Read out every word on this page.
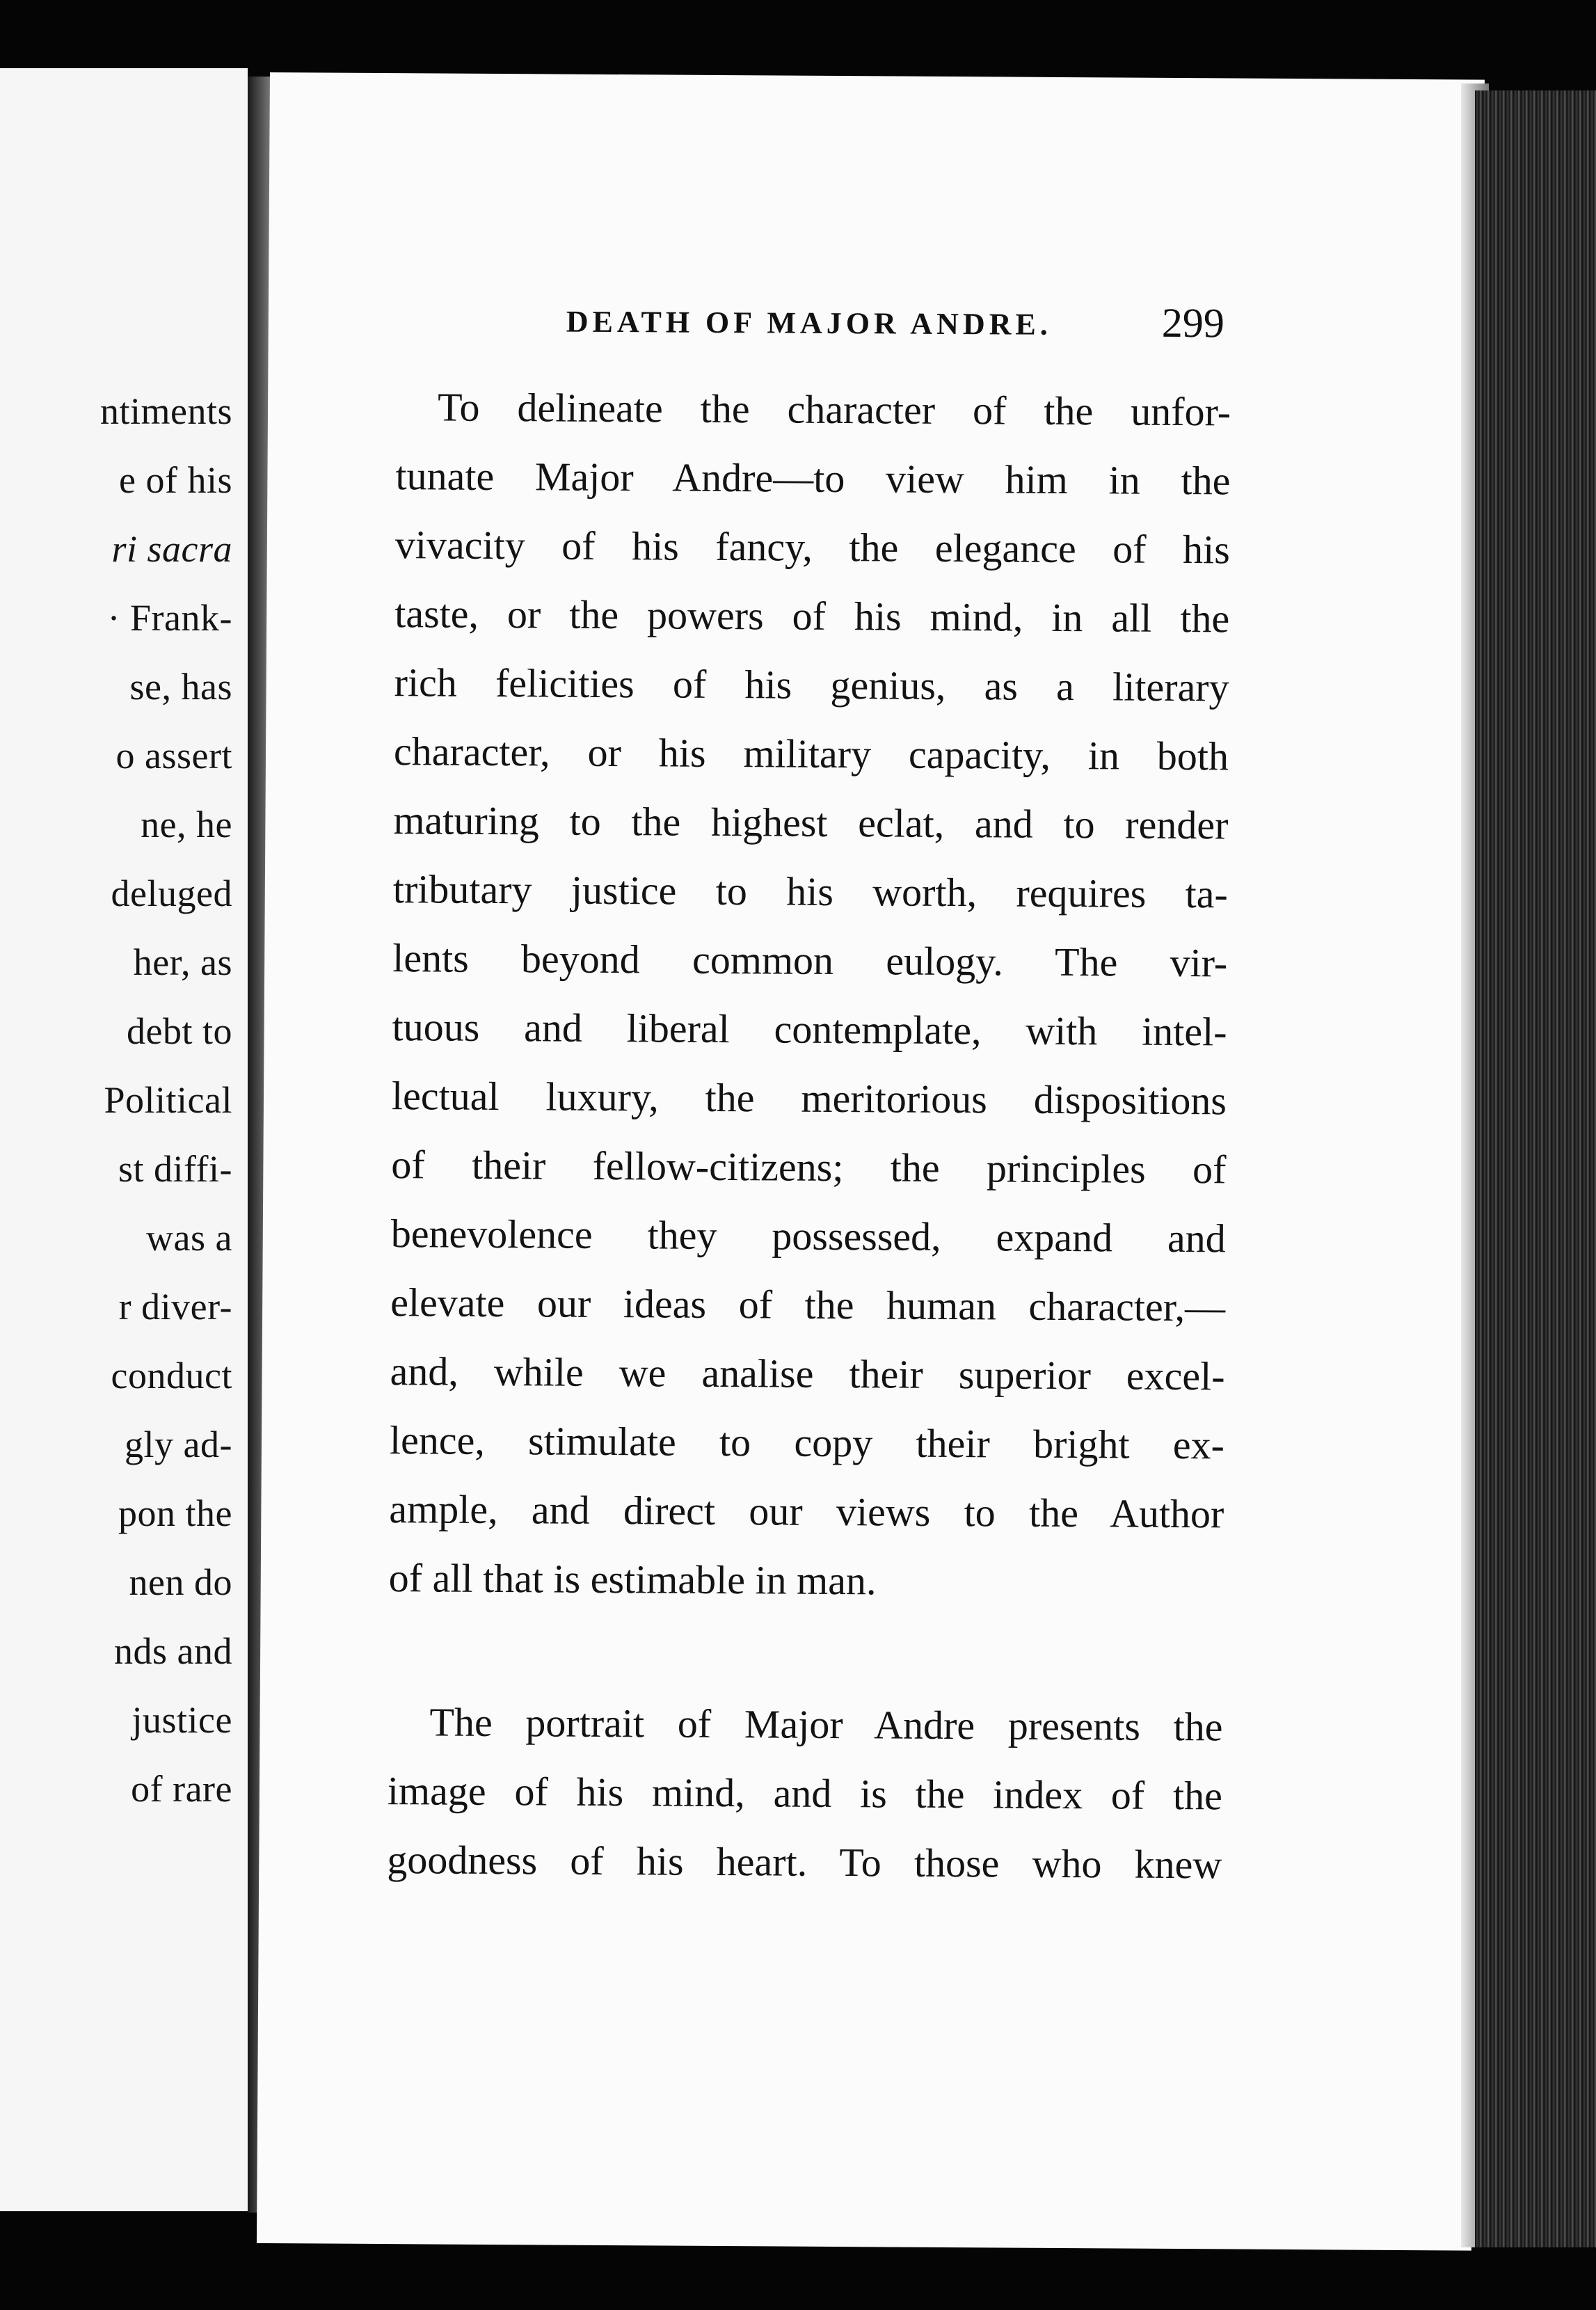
ntiments
e of his
ri sacra
· Frank-
se, has
o assert
ne, he
deluged
her, as
debt to
Political
st diffi-
was a
r diver-
conduct
gly ad-
pon the
nen do
nds and
justice
of rare
DEATH OF MAJOR ANDRE.	299
To delineate the character of the unfor-
tunate Major Andre—to view him in the
vivacity of his fancy, the elegance of his
taste, or the powers of his mind, in all the
rich felicities of his genius, as a literary
character, or his military capacity, in both
maturing to the highest eclat, and to render
tributary justice to his worth, requires ta-
lents beyond common eulogy. The vir-
tuous and liberal contemplate, with intel-
lectual luxury, the meritorious dispositions
of their fellow-citizens; the principles of
benevolence they possessed, expand and
elevate our ideas of the human character,—
and, while we analise their superior excel-
lence, stimulate to copy their bright ex-
ample, and direct our views to the Author
of all that is estimable in man.
The portrait of Major Andre presents the
image of his mind, and is the index of the
goodness of his heart. To those who knew
